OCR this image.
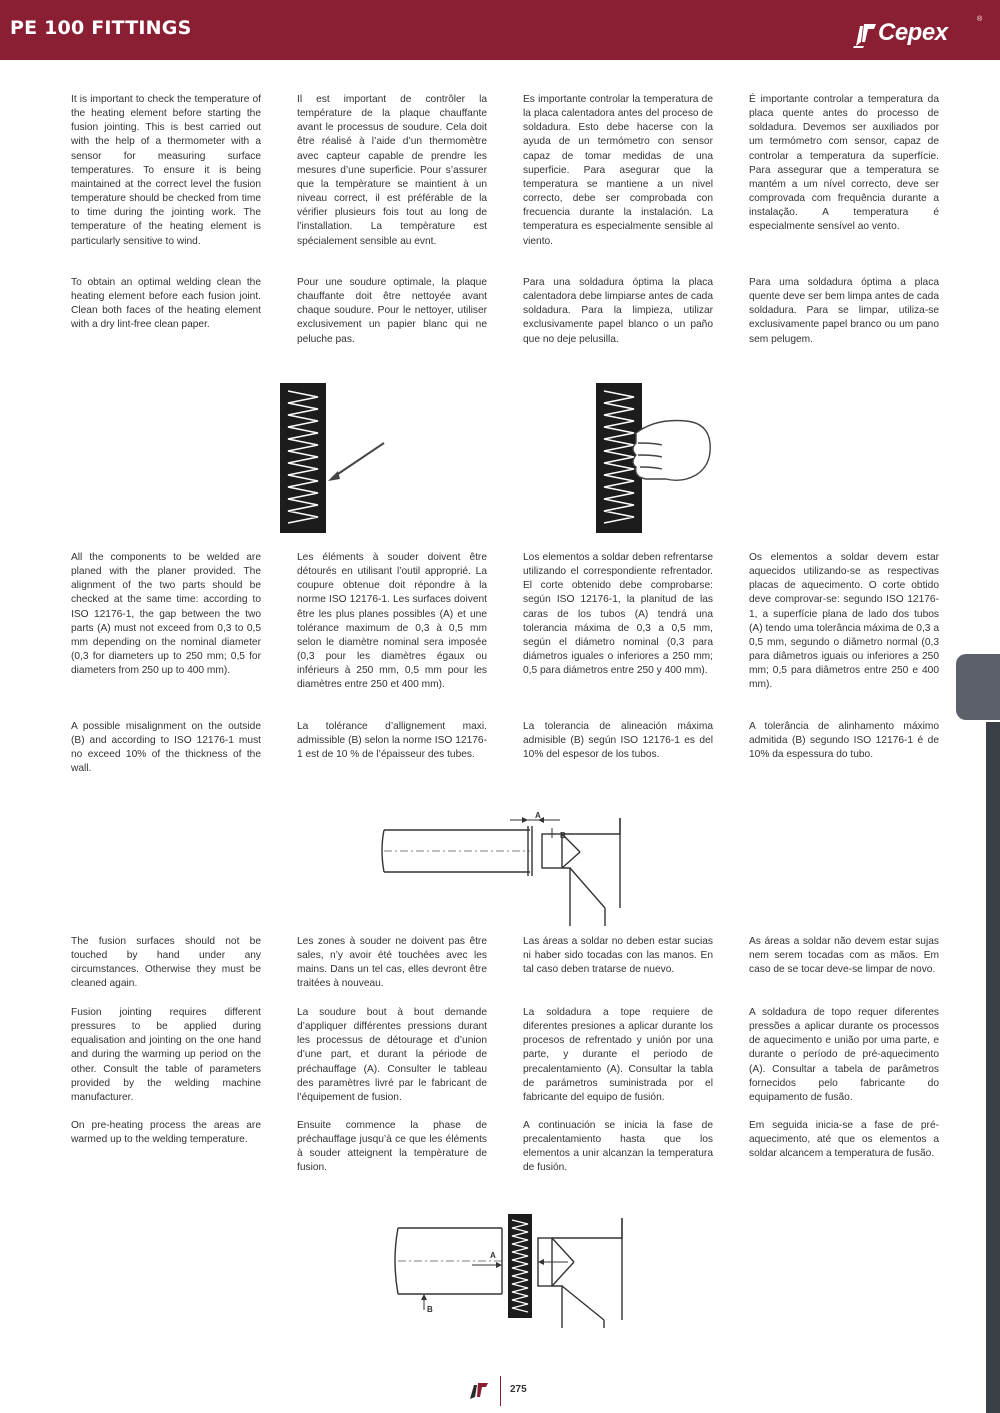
PE 100 FITTINGS	Cepex	®

It is important to check the temperature of the heating element before starting the fusion jointing. This is best carried out with the help of a thermometer with a sensor for measuring surface temperatures. To ensure it is being maintained at the correct level the fusion temperature should be checked from time to time during the jointing work. The temperature of the heating element is particularly sensitive to wind.

To obtain an optimal welding clean the heating element before each fusion joint. Clean both faces of the heating element with a dry lint-free clean paper.

Il est important de contrôler la température de la plaque chauffante avant le processus de soudure. Cela doit être réalisé à l’aide d’un thermomètre avec capteur capable de prendre les mesures d’une superficie. Pour s’assurer que la tempèrature se maintient à un niveau correct, il est préférable de la vérifier plusieurs fois tout au long de l’installation. La tempèrature est spécialement sensible au evnt.

Pour une soudure optimale, la plaque chauffante doit être nettoyée avant chaque soudure. Pour le nettoyer, utiliser exclusivement un papier blanc qui ne peluche pas.

Es importante controlar la temperatura de la placa calentadora antes del proceso de soldadura. Esto debe hacerse con la ayuda de un termómetro con sensor capaz de tomar medidas de una superficie. Para asegurar que la temperatura se mantiene a un nivel correcto, debe ser comprobada con frecuencia durante la instalación. La temperatura es especialmente sensible al viento.

Para una soldadura óptima la placa calentadora debe limpiarse antes de cada soldadura. Para la limpieza, utilizar exclusivamente papel blanco o un paño que no deje pelusilla.

É importante controlar a temperatura da placa quente antes do processo de soldadura. Devemos ser auxiliados por um termómetro com sensor, capaz de controlar a temperatura da superfície. Para assegurar que a temperatura se mantém a um nível correcto, deve ser comprovada com frequência durante a instalação. A temperatura é especialmente sensível ao vento.

Para uma soldadura óptima a placa quente deve ser bem limpa antes de cada soldadura. Para se limpar, utiliza-se exclusivamente papel branco ou um pano sem pelugem.

All the components to be welded are planed with the planer provided. The alignment of the two parts should be checked at the same time: according to ISO 12176-1, the gap between the two parts (A) must not exceed from 0,3 to 0,5 mm depending on the nominal diameter (0,3 for diameters up to 250 mm; 0,5 for diameters from 250 up to 400 mm).

A possible misalignment on the outside (B) and according to ISO 12176-1 must no exceed 10% of the thickness of the wall.

Les éléments à souder doivent être détourés en utilisant l’outil approprié. La coupure obtenue doit répondre à la norme ISO 12176-1. Les surfaces doivent être les plus planes possibles (A) et une tolérance maximum de 0,3 à 0,5 mm selon le diamètre nominal sera imposée (0,3 pour les diamètres égaux ou inférieurs à 250 mm, 0,5 mm pour les diamètres entre 250 et 400 mm).

La tolérance d’allignement maxi. admissible (B) selon la norme ISO 12176-1 est de 10 % de l’épaisseur des tubes.

Los elementos a soldar deben refrentarse utilizando el correspondiente refrentador. El corte obtenido debe comprobarse: según ISO 12176-1, la planitud de las caras de los tubos (A) tendrá una tolerancia máxima de 0,3 a 0,5 mm, según el diámetro nominal (0,3 para diámetros iguales o inferiores a 250 mm; 0,5 para diámetros entre 250 y 400 mm).

La tolerancia de alineación máxima admisible (B) según ISO 12176-1 es del 10% del espesor de los tubos.

Os elementos a soldar devem estar aquecidos utilizando-se as respectivas placas de aquecimento. O corte obtido deve comprovar-se: segundo ISO 12176-1, a superfície plana de lado dos tubos (A) tendo uma tolerância máxima de 0,3 a 0,5 mm, segundo o diâmetro normal (0,3 para diâmetros iguais ou inferiores a 250 mm; 0,5 para diâmetros entre 250 e 400 mm).

A tolerância de alinhamento máximo admitida (B) segundo ISO 12176-1 é de 10% da espessura do tubo.

A
B

The fusion surfaces should not be touched by hand under any circumstances. Otherwise they must be cleaned again.

Fusion jointing requires different pressures to be applied during equalisation and jointing on the one hand and during the warming up period on the other. Consult the table of parameters provided by the welding machine manufacturer.

On pre-heating process the areas are warmed up to the welding temperature.

Les zones à souder ne doivent pas être sales, n’y avoir été touchées avec les mains. Dans un tel cas, elles devront être traitées à nouveau.

La soudure bout à bout demande d’appliquer différentes pressions durant les processus de détourage et d’union d’une part, et durant la période de préchauffage (A). Consulter le tableau des paramètres livré par le fabricant de l’équipement de fusion.

Ensuite commence la phase de préchauffage jusqu’à ce que les éléments à souder atteignent la tempèrature de fusion.

Las áreas a soldar no deben estar sucias ni haber sido tocadas con las manos. En tal caso deben tratarse de nuevo.

La soldadura a tope requiere de diferentes presiones a aplicar durante los procesos de refrentado y unión por una parte, y durante el periodo de precalentamiento (A). Consultar la tabla de parámetros suministrada por el fabricante del equipo de fusión.

A continuación se inicia la fase de precalentamiento hasta que los elementos a unir alcanzan la temperatura de fusión.

As áreas a soldar não devem estar sujas nem serem tocadas com as mãos. Em caso de se tocar deve-se limpar de novo.

A soldadura de topo requer diferentes pressões a aplicar durante os processos de aquecimento e união por uma parte, e durante o período de pré-aquecimento (A). Consultar a tabela de parâmetros fornecidos pelo fabricante do equipamento de fusão.

Em seguida inicia-se a fase de pré-aquecimento, até que os elementos a soldar alcancem a temperatura de fusão.

A
B
275
